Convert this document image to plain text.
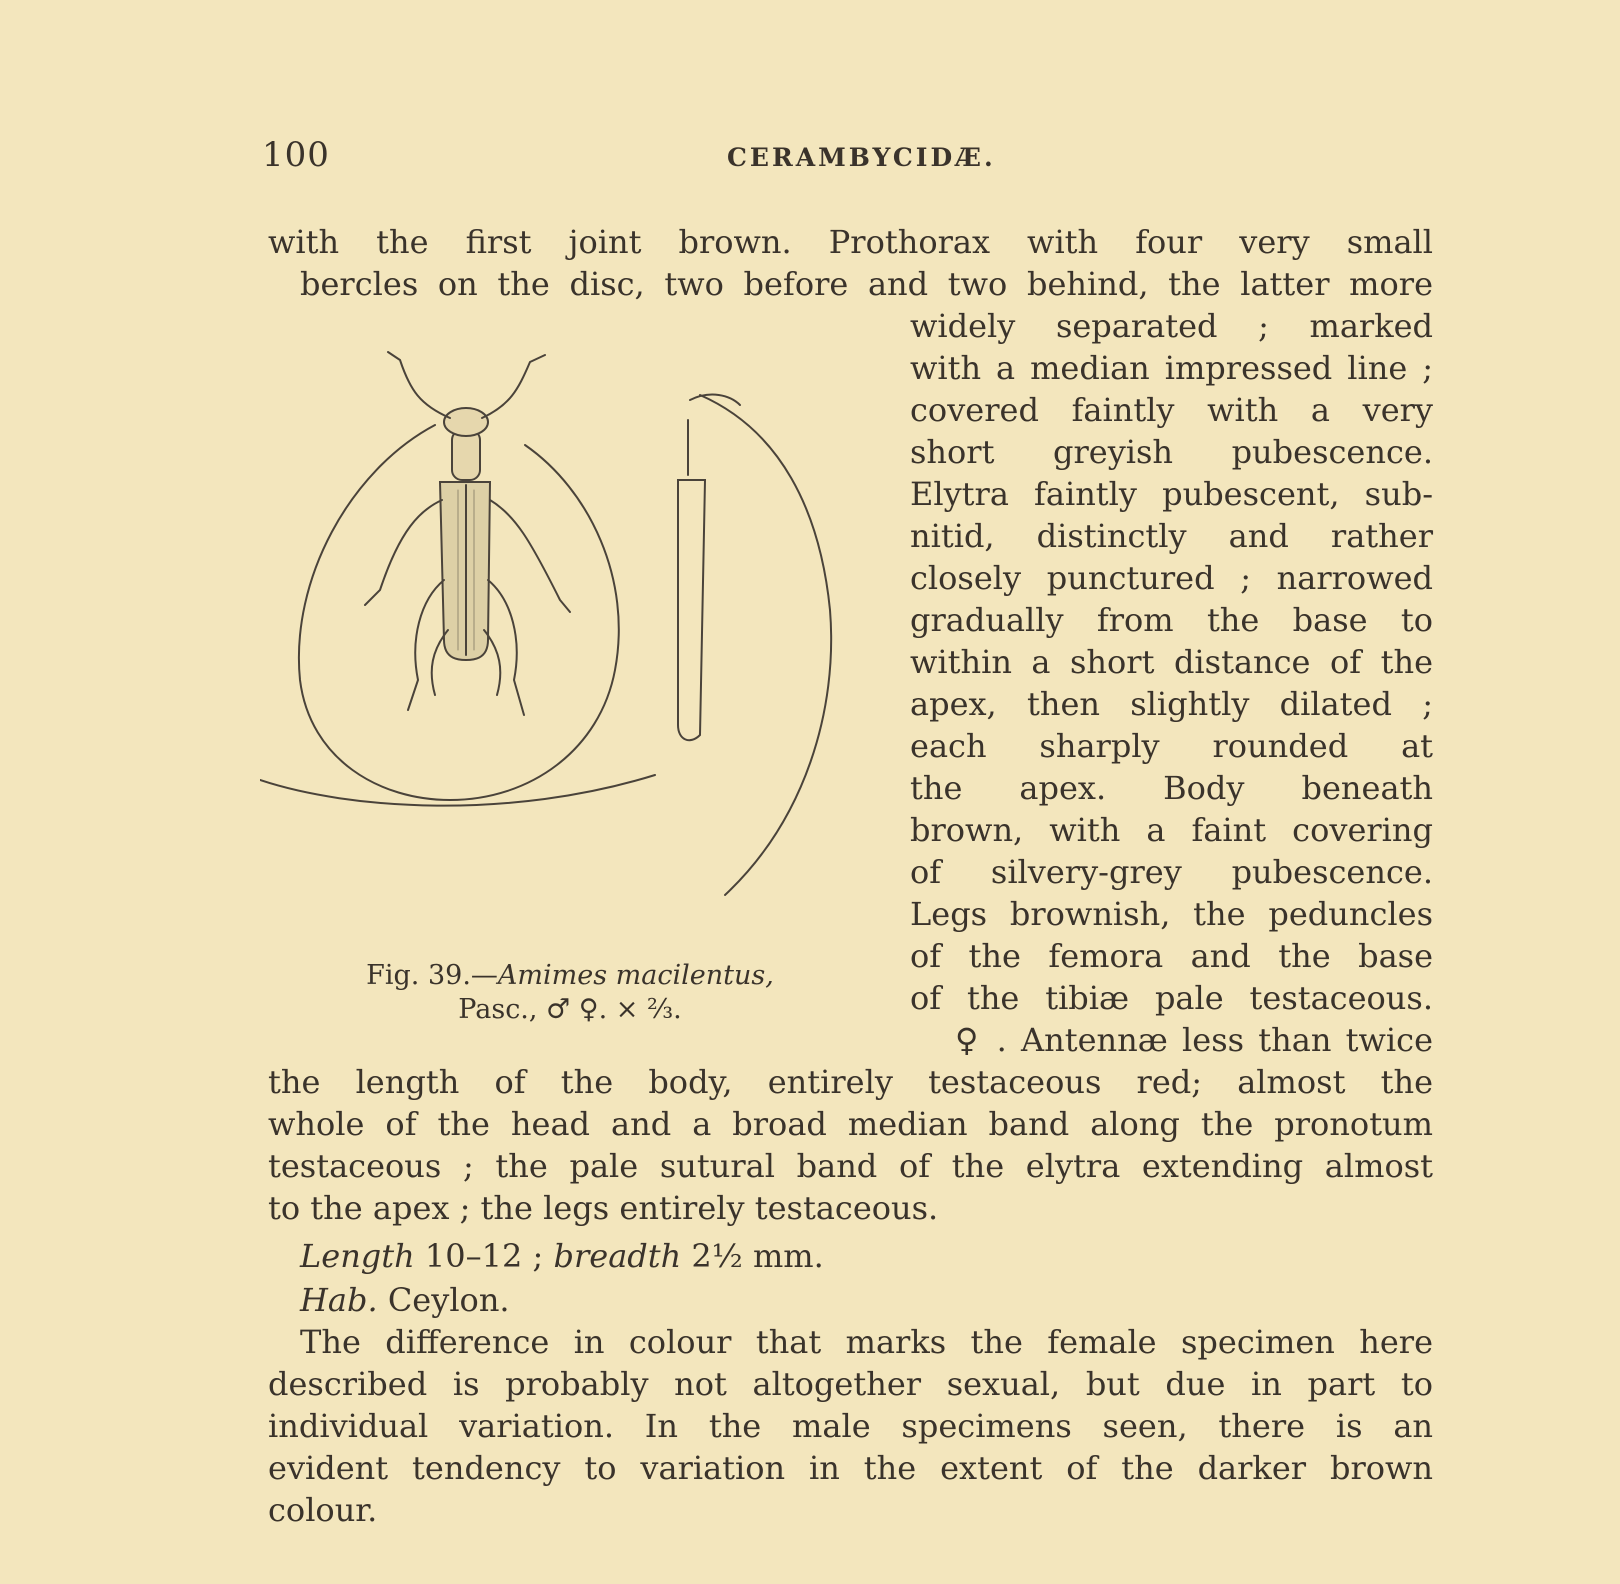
100	CERAMBYCIDÆ.
with the first joint brown. Prothorax with four very small
bercles on the disc, two before and two behind, the latter more
widely separated ; marked
with a median impressed line ;
covered faintly with a very
short greyish pubescence.
Elytra faintly pubescent, sub-
nitid, distinctly and rather
closely punctured ; narrowed
gradually from the base to
within a short distance of the
apex, then slightly dilated ;
each sharply rounded at
the apex. Body beneath
brown, with a faint covering
of silvery-grey pubescence.
Legs brownish, the peduncles
of the femora and the base
of the tibiæ pale testaceous.
♀ . Antennæ less than twice
Fig. 39.—Amimes macilentus,
Pasc., ♂ ♀. × ⅔.
the length of the body, entirely testaceous red; almost the
whole of the head and a broad median band along the pronotum
testaceous ; the pale sutural band of the elytra extending almost
to the apex ; the legs entirely testaceous.
Length 10–12 ; breadth 2½ mm.
Hab. Ceylon.
The difference in colour that marks the female specimen here
described is probably not altogether sexual, but due in part to
individual variation. In the male specimens seen, there is an
evident tendency to variation in the extent of the darker brown
colour.
